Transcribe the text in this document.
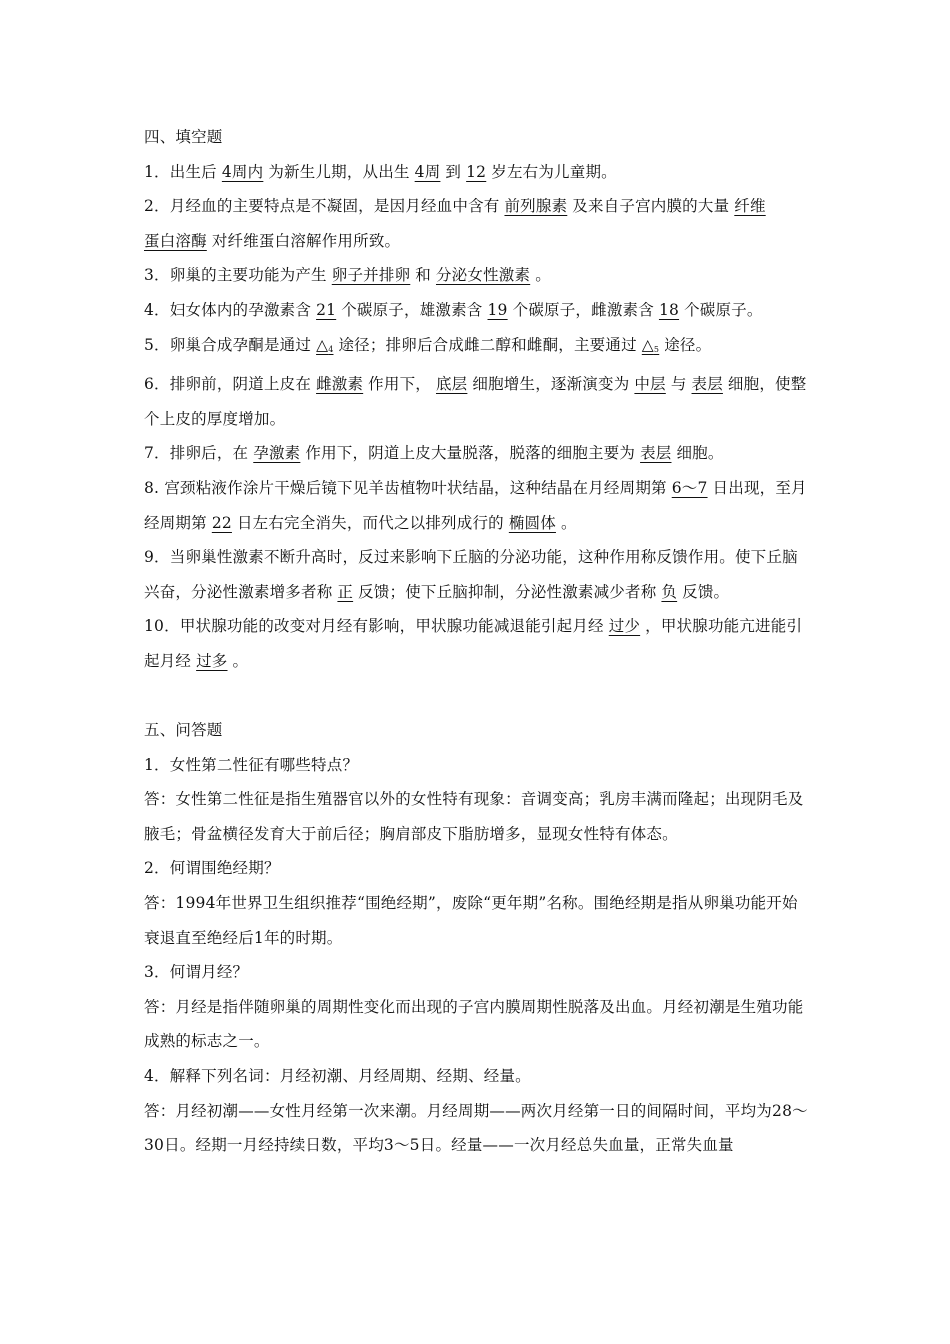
四、填空题

1．出生后 4周内 为新生儿期，从出生 4周 到 12 岁左右为儿童期。

2．月经血的主要特点是不凝固，是因月经血中含有 前列腺素 及来自子宫内膜的大量 纤维
蛋白溶酶 对纤维蛋白溶解作用所致。

3．卵巢的主要功能为产生 卵子并排卵 和 分泌女性激素 。

4．妇女体内的孕激素含 21 个碳原子，雄激素含 19 个碳原子，雌激素含 18 个碳原子。

5．卵巢合成孕酮是通过 $\triangle_4$ 途径；排卵后合成雌二醇和雌酮，主要通过 $\triangle_5$ 途径。

6．排卵前，阴道上皮在 雌激素 作用下， 底层 细胞增生，逐渐演变为 中层 与 表层 细胞，使整个上皮的厚度增加。

7．排卵后，在 孕激素 作用下，阴道上皮大量脱落，脱落的细胞主要为 表层 细胞。

8. 宫颈粘液作涂片干燥后镜下见羊齿植物叶状结晶，这种结晶在月经周期第 6～7 日出现，至月经周期第 22 日左右完全消失，而代之以排列成行的 椭圆体 。

9．当卵巢性激素不断升高时，反过来影响下丘脑的分泌功能，这种作用称反馈作用。使下丘脑兴奋，分泌性激素增多者称 正 反馈；使下丘脑抑制，分泌性激素减少者称 负 反馈。

10．甲状腺功能的改变对月经有影响，甲状腺功能减退能引起月经 过少 ，甲状腺功能亢进能引起月经 过多 。

五、问答题

1．女性第二性征有哪些特点？

答：女性第二性征是指生殖器官以外的女性特有现象：音调变高；乳房丰满而隆起；出现阴毛及腋毛；骨盆横径发育大于前后径；胸肩部皮下脂肪增多，显现女性特有体态。

2．何谓围绝经期？

答：1994年世界卫生组织推荐“围绝经期”，废除“更年期”名称。围绝经期是指从卵巢功能开始衰退直至绝经后1年的时期。

3．何谓月经？

答：月经是指伴随卵巢的周期性变化而出现的子宫内膜周期性脱落及出血。月经初潮是生殖功能成熟的标志之一。

4．解释下列名词：月经初潮、月经周期、经期、经量。

答：月经初潮——女性月经第一次来潮。月经周期——两次月经第一日的间隔时间，平均为28～30日。经期一月经持续日数，平均3～5日。经量——一次月经总失血量，正常失血量
